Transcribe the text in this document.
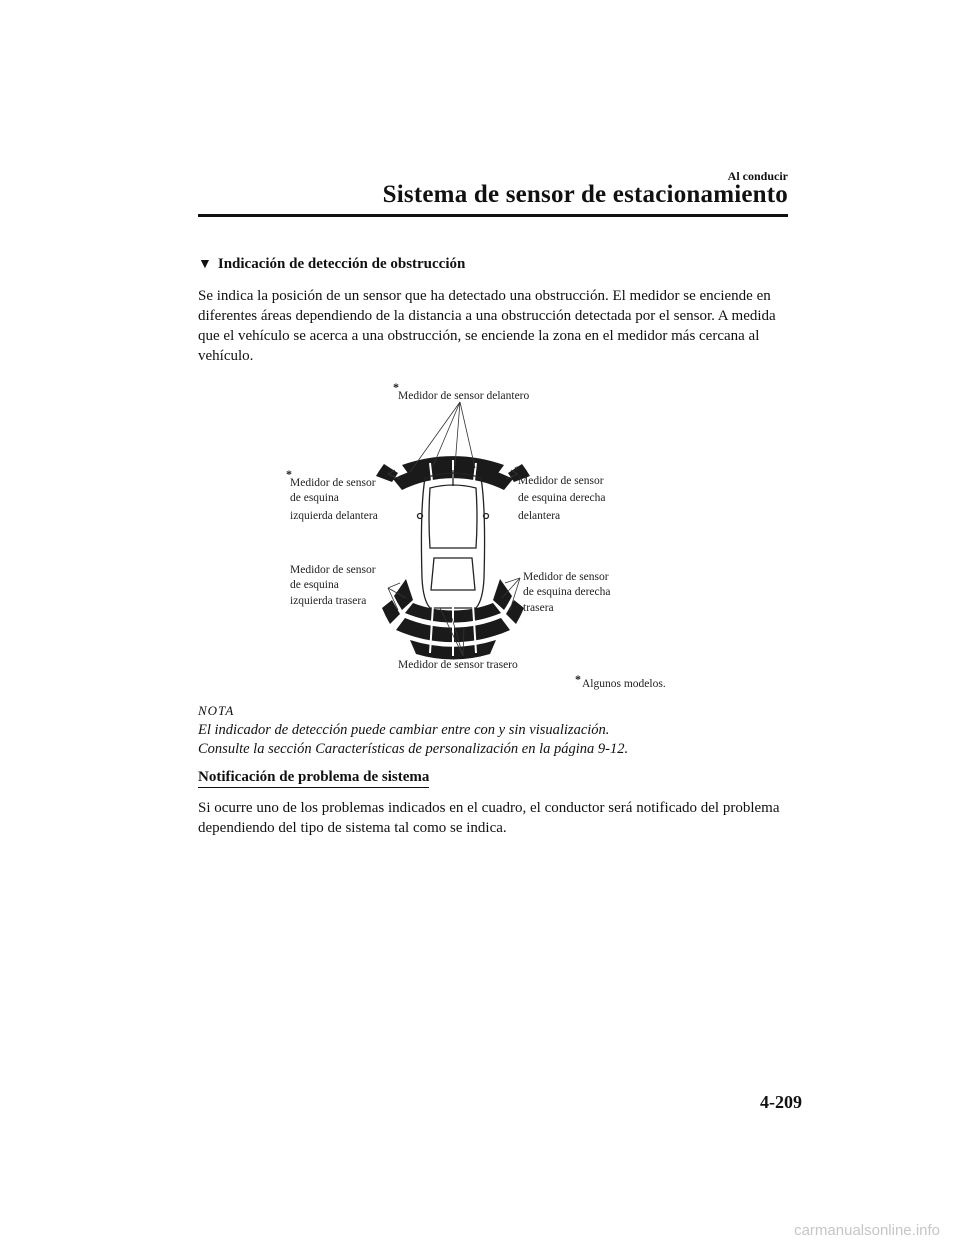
Al conducir
Sistema de sensor de estacionamiento
▼ Indicación de detección de obstrucción
Se indica la posición de un sensor que ha detectado una obstrucción. El medidor se enciende en diferentes áreas dependiendo de la distancia a una obstrucción detectada por el sensor. A medida que el vehículo se acerca a una obstrucción, se enciende la zona en el medidor más cercana al vehículo.
*
Medidor de sensor delantero
*
Medidor de sensor
de esquina
izquierda delantera
*
Medidor de sensor
de esquina derecha
delantera
Medidor de sensor
de esquina
izquierda trasera
Medidor de sensor
de esquina derecha
trasera
Medidor de sensor trasero
* Algunos modelos.
NOTA
El indicador de detección puede cambiar entre con y sin visualización.
Consulte la sección Características de personalización en la página 9-12.
Notificación de problema de sistema
Si ocurre uno de los problemas indicados en el cuadro, el conductor será notificado del problema dependiendo del tipo de sistema tal como se indica.
4-209
carmanualsonline.info
